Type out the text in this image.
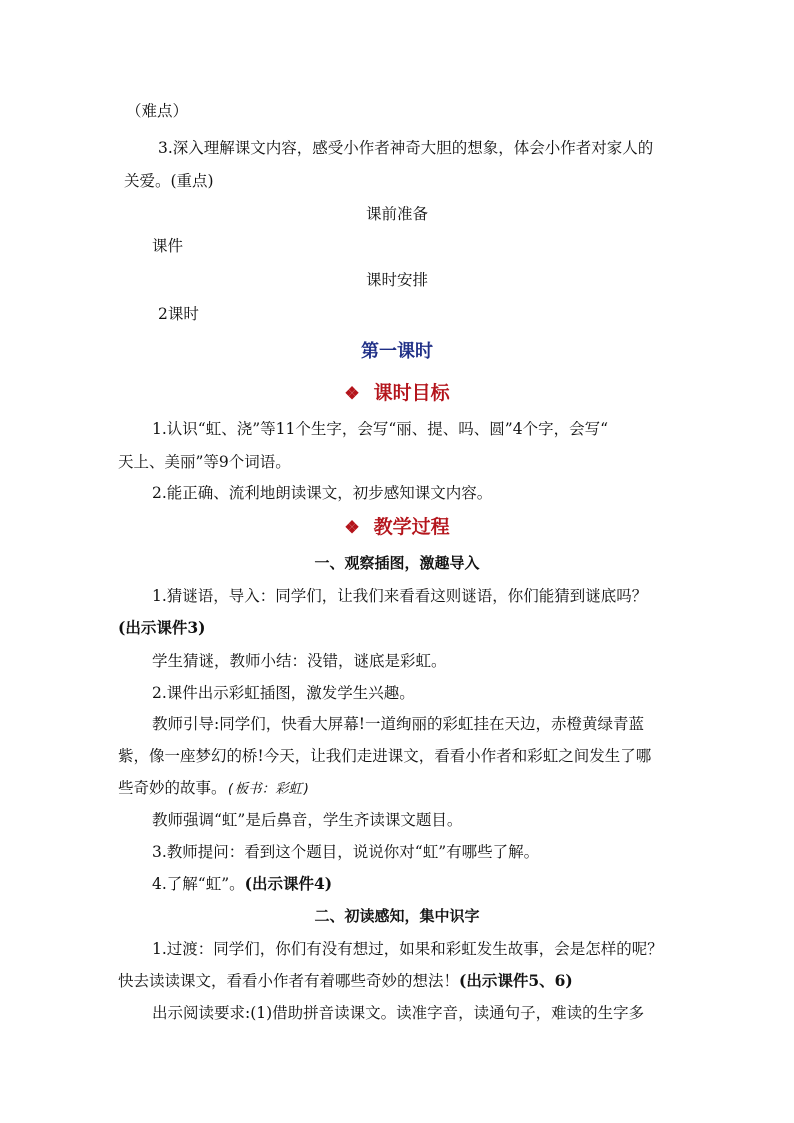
（难点）
3.深入理解课文内容，感受小作者神奇大胆的想象，体会小作者对家人的
关爱。(重点)
课前准备
课件
课时安排
2课时
第一课时
❖ 课时目标
1.认识“虹、浇”等11个生字，会写“丽、提、吗、圆”4个字，会写“
天上、美丽”等9个词语。
2.能正确、流利地朗读课文，初步感知课文内容。
❖ 教学过程
一、观察插图，激趣导入
1.猜谜语，导入：同学们，让我们来看看这则谜语，你们能猜到谜底吗？
(出示课件3)
学生猜谜，教师小结：没错，谜底是彩虹。
2.课件出示彩虹插图，激发学生兴趣。
教师引导:同学们，快看大屏幕!一道绚丽的彩虹挂在天边，赤橙黄绿青蓝
紫，像一座梦幻的桥!今天，让我们走进课文，看看小作者和彩虹之间发生了哪
些奇妙的故事。(板书：彩虹)
教师强调“虹”是后鼻音，学生齐读课文题目。
3.教师提问：看到这个题目，说说你对“虹”有哪些了解。
4.了解“虹”。(出示课件4)
二、初读感知，集中识字
1.过渡：同学们，你们有没有想过，如果和彩虹发生故事，会是怎样的呢？
快去读读课文，看看小作者有着哪些奇妙的想法！(出示课件5、6)
出示阅读要求:(1)借助拼音读课文。读准字音，读通句子，难读的生字多
